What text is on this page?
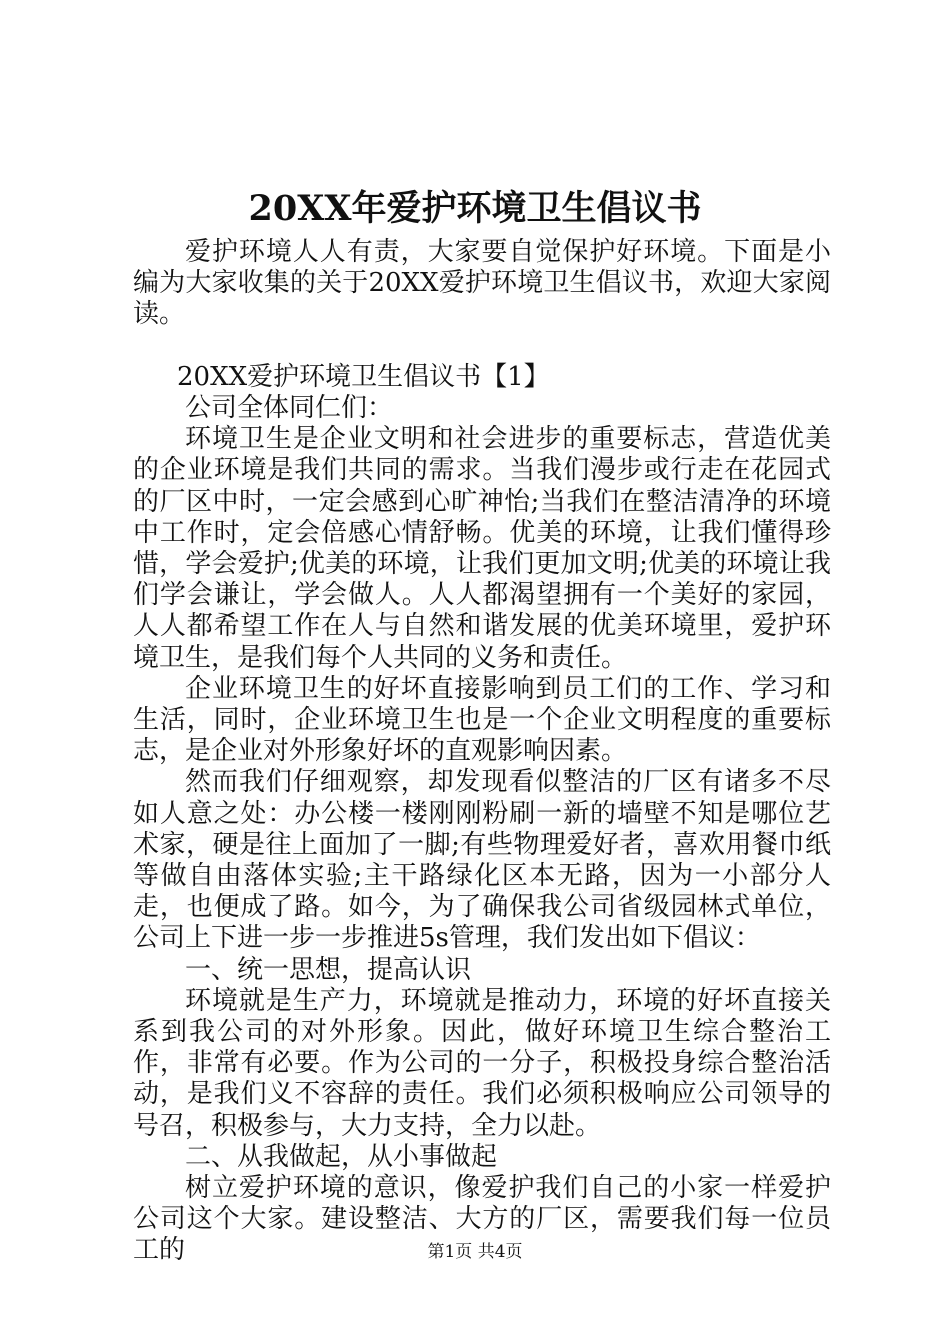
20XX年爱护环境卫生倡议书

爱护环境人人有责，大家要自觉保护好环境。下面是小编为大家收集的关于20XX爱护环境卫生倡议书，欢迎大家阅读。

20XX爱护环境卫生倡议书【1】

公司全体同仁们：

环境卫生是企业文明和社会进步的重要标志，营造优美的企业环境是我们共同的需求。当我们漫步或行走在花园式的厂区中时，一定会感到心旷神怡;当我们在整洁清净的环境中工作时，定会倍感心情舒畅。优美的环境，让我们懂得珍惜，学会爱护;优美的环境，让我们更加文明;优美的环境让我们学会谦让，学会做人。人人都渴望拥有一个美好的家园，人人都希望工作在人与自然和谐发展的优美环境里，爱护环境卫生，是我们每个人共同的义务和责任。

企业环境卫生的好坏直接影响到员工们的工作、学习和生活，同时，企业环境卫生也是一个企业文明程度的重要标志，是企业对外形象好坏的直观影响因素。

然而我们仔细观察，却发现看似整洁的厂区有诸多不尽如人意之处：办公楼一楼刚刚粉刷一新的墙壁不知是哪位艺术家，硬是往上面加了一脚;有些物理爱好者，喜欢用餐巾纸等做自由落体实验;主干路绿化区本无路，因为一小部分人走，也便成了路。如今，为了确保我公司省级园林式单位，公司上下进一步一步推进5s管理，我们发出如下倡议：

一、统一思想，提高认识

环境就是生产力，环境就是推动力，环境的好坏直接关系到我公司的对外形象。因此，做好环境卫生综合整治工作，非常有必要。作为公司的一分子，积极投身综合整治活动，是我们义不容辞的责任。我们必须积极响应公司领导的号召，积极参与，大力支持，全力以赴。

二、从我做起，从小事做起

树立爱护环境的意识，像爱护我们自己的小家一样爱护公司这个大家。建设整洁、大方的厂区，需要我们每一位员工的	第1页 共4页
